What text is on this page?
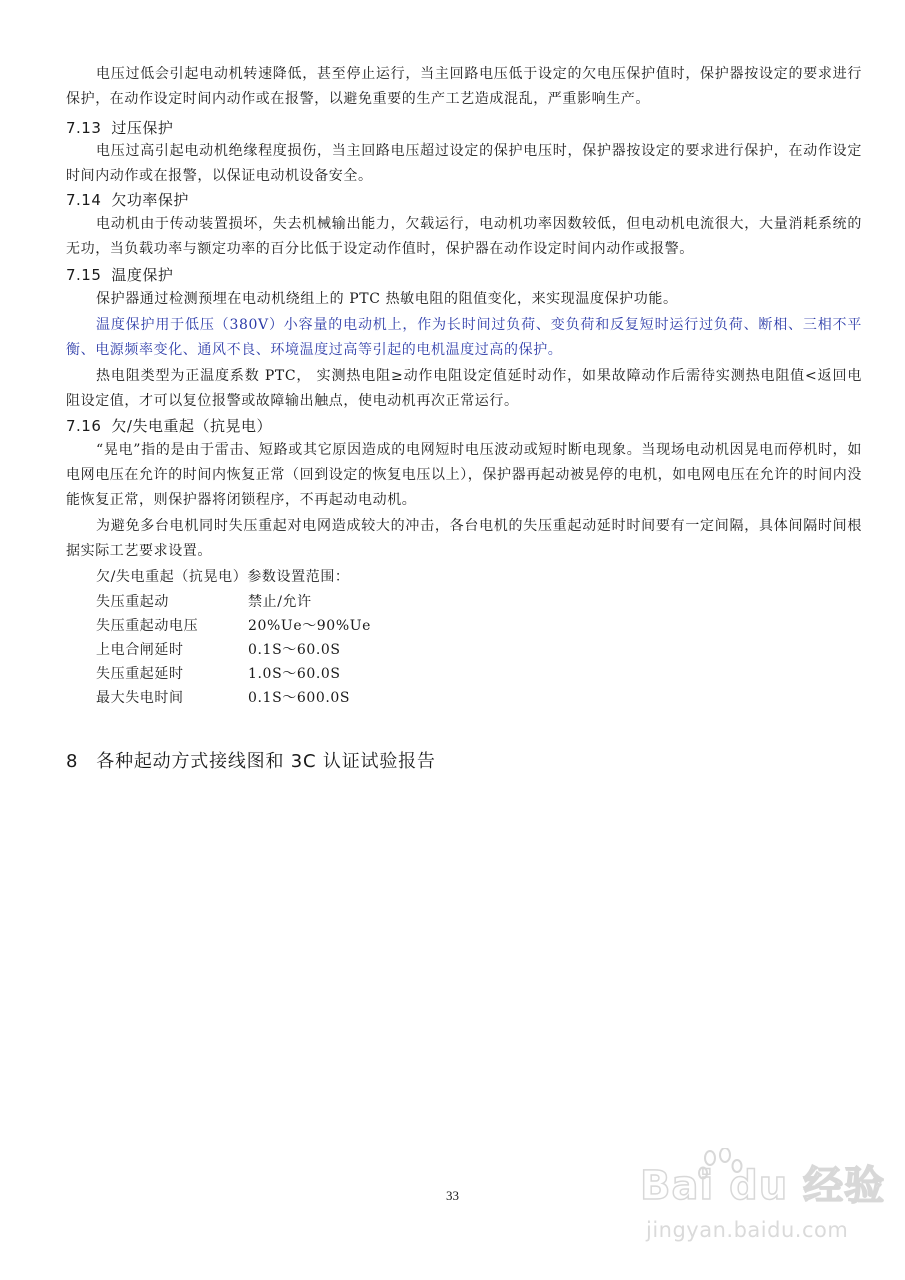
电压过低会引起电动机转速降低，甚至停止运行，当主回路电压低于设定的欠电压保护值时，保护器按设定的要求进行保护，在动作设定时间内动作或在报警，以避免重要的生产工艺造成混乱，严重影响生产。

7.13 过压保护

电压过高引起电动机绝缘程度损伤，当主回路电压超过设定的保护电压时，保护器按设定的要求进行保护，在动作设定时间内动作或在报警，以保证电动机设备安全。

7.14 欠功率保护

电动机由于传动装置损坏，失去机械输出能力，欠载运行，电动机功率因数较低，但电动机电流很大，大量消耗系统的无功，当负载功率与额定功率的百分比低于设定动作值时，保护器在动作设定时间内动作或报警。

7.15 温度保护

保护器通过检测预埋在电动机绕组上的 PTC 热敏电阻的阻值变化，来实现温度保护功能。

温度保护用于低压（380V）小容量的电动机上，作为长时间过负荷、变负荷和反复短时运行过负荷、断相、三相不平衡、电源频率变化、通风不良、环境温度过高等引起的电机温度过高的保护。

热电阻类型为正温度系数 PTC， 实测热电阻≥动作电阻设定值延时动作，如果故障动作后需待实测热电阻值<返回电阻设定值，才可以复位报警或故障输出触点，使电动机再次正常运行。

7.16 欠/失电重起（抗晃电）

“晃电”指的是由于雷击、短路或其它原因造成的电网短时电压波动或短时断电现象。当现场电动机因晃电而停机时，如电网电压在允许的时间内恢复正常（回到设定的恢复电压以上），保护器再起动被晃停的电机，如电网电压在允许的时间内没能恢复正常，则保护器将闭锁程序，不再起动电动机。

为避免多台电机同时失压重起对电网造成较大的冲击，各台电机的失压重起动延时时间要有一定间隔，具体间隔时间根据实际工艺要求设置。

欠/失电重起（抗晃电）参数设置范围：

失压重起动	禁止/允许
失压重起动电压	20%Ue～90%Ue
上电合闸延时	0.1S～60.0S
失压重起延时	1.0S～60.0S
最大失电时间	0.1S～600.0S
8 各种起动方式接线图和 3C 认证试验报告
33	Bai du 经验
jingyan.baidu.com
